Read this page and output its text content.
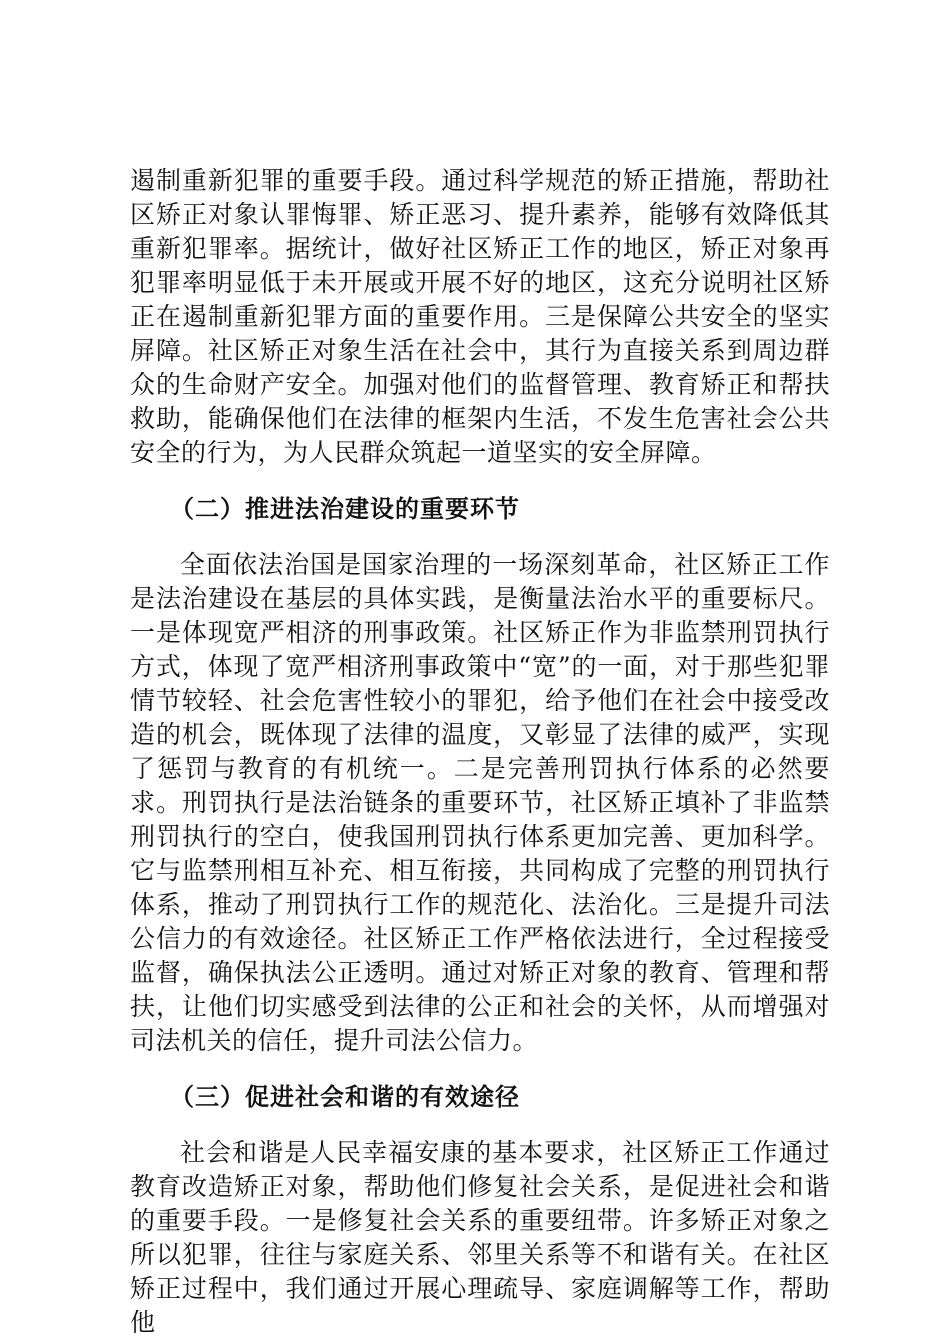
遏制重新犯罪的重要手段。通过科学规范的矫正措施，帮助社区矫正对象认罪悔罪、矫正恶习、提升素养，能够有效降低其重新犯罪率。据统计，做好社区矫正工作的地区，矫正对象再犯罪率明显低于未开展或开展不好的地区，这充分说明社区矫正在遏制重新犯罪方面的重要作用。三是保障公共安全的坚实屏障。社区矫正对象生活在社会中，其行为直接关系到周边群众的生命财产安全。加强对他们的监督管理、教育矫正和帮扶救助，能确保他们在法律的框架内生活，不发生危害社会公共安全的行为，为人民群众筑起一道坚实的安全屏障。

（二）推进法治建设的重要环节

全面依法治国是国家治理的一场深刻革命，社区矫正工作是法治建设在基层的具体实践，是衡量法治水平的重要标尺。一是体现宽严相济的刑事政策。社区矫正作为非监禁刑罚执行方式，体现了宽严相济刑事政策中“宽”的一面，对于那些犯罪情节较轻、社会危害性较小的罪犯，给予他们在社会中接受改造的机会，既体现了法律的温度，又彰显了法律的威严，实现了惩罚与教育的有机统一。二是完善刑罚执行体系的必然要求。刑罚执行是法治链条的重要环节，社区矫正填补了非监禁刑罚执行的空白，使我国刑罚执行体系更加完善、更加科学。它与监禁刑相互补充、相互衔接，共同构成了完整的刑罚执行体系，推动了刑罚执行工作的规范化、法治化。三是提升司法公信力的有效途径。社区矫正工作严格依法进行，全过程接受监督，确保执法公正透明。通过对矫正对象的教育、管理和帮扶，让他们切实感受到法律的公正和社会的关怀，从而增强对司法机关的信任，提升司法公信力。

（三）促进社会和谐的有效途径

社会和谐是人民幸福安康的基本要求，社区矫正工作通过教育改造矫正对象，帮助他们修复社会关系，是促进社会和谐的重要手段。一是修复社会关系的重要纽带。许多矫正对象之所以犯罪，往往与家庭关系、邻里关系等不和谐有关。在社区矫正过程中，我们通过开展心理疏导、家庭调解等工作，帮助他
